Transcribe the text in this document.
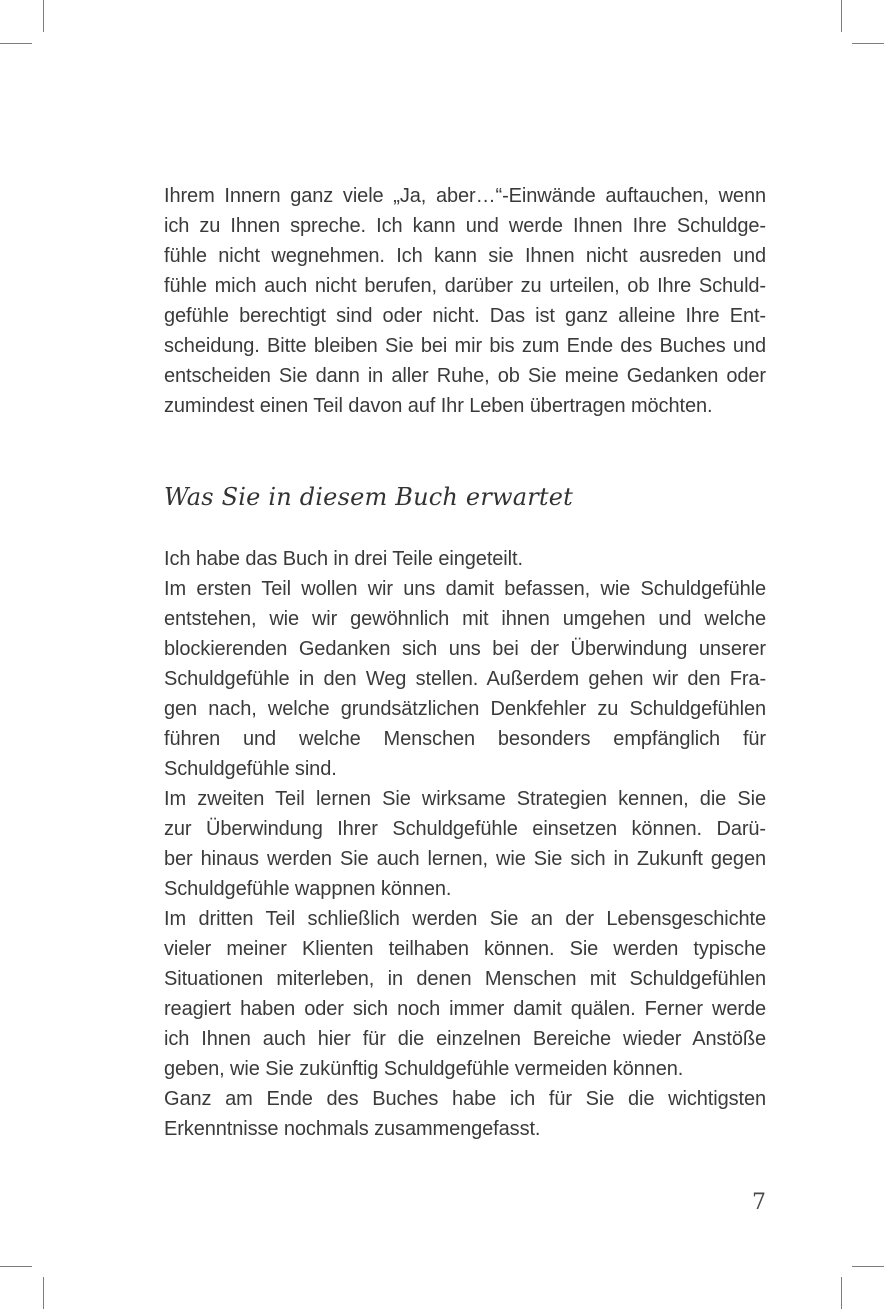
Ihrem Innern ganz viele „Ja, aber…“-Einwände auftauchen, wenn
ich zu Ihnen spreche. Ich kann und werde Ihnen Ihre Schuldge-
fühle nicht wegnehmen. Ich kann sie Ihnen nicht ausreden und
fühle mich auch nicht berufen, darüber zu urteilen, ob Ihre Schuld-
gefühle berechtigt sind oder nicht. Das ist ganz alleine Ihre Ent-
scheidung. Bitte bleiben Sie bei mir bis zum Ende des Buches und
entscheiden Sie dann in aller Ruhe, ob Sie meine Gedanken oder
zumindest einen Teil davon auf Ihr Leben übertragen möchten.
Was Sie in diesem Buch erwartet
Ich habe das Buch in drei Teile eingeteilt.
Im ersten Teil wollen wir uns damit befassen, wie Schuldgefühle
entstehen, wie wir gewöhnlich mit ihnen umgehen und welche
blockierenden Gedanken sich uns bei der Überwindung unserer
Schuldgefühle in den Weg stellen. Außerdem gehen wir den Fra-
gen nach, welche grundsätzlichen Denkfehler zu Schuldgefühlen
führen und welche Menschen besonders empfänglich für
Schuldgefühle sind.
Im zweiten Teil lernen Sie wirksame Strategien kennen, die Sie
zur Überwindung Ihrer Schuldgefühle einsetzen können. Darü-
ber hinaus werden Sie auch lernen, wie Sie sich in Zukunft gegen
Schuldgefühle wappnen können.
Im dritten Teil schließlich werden Sie an der Lebensgeschichte
vieler meiner Klienten teilhaben können. Sie werden typische
Situationen miterleben, in denen Menschen mit Schuldgefühlen
reagiert haben oder sich noch immer damit quälen. Ferner werde
ich Ihnen auch hier für die einzelnen Bereiche wieder Anstöße
geben, wie Sie zukünftig Schuldgefühle vermeiden können.
Ganz am Ende des Buches habe ich für Sie die wichtigsten
Erkenntnisse nochmals zusammengefasst.
7
